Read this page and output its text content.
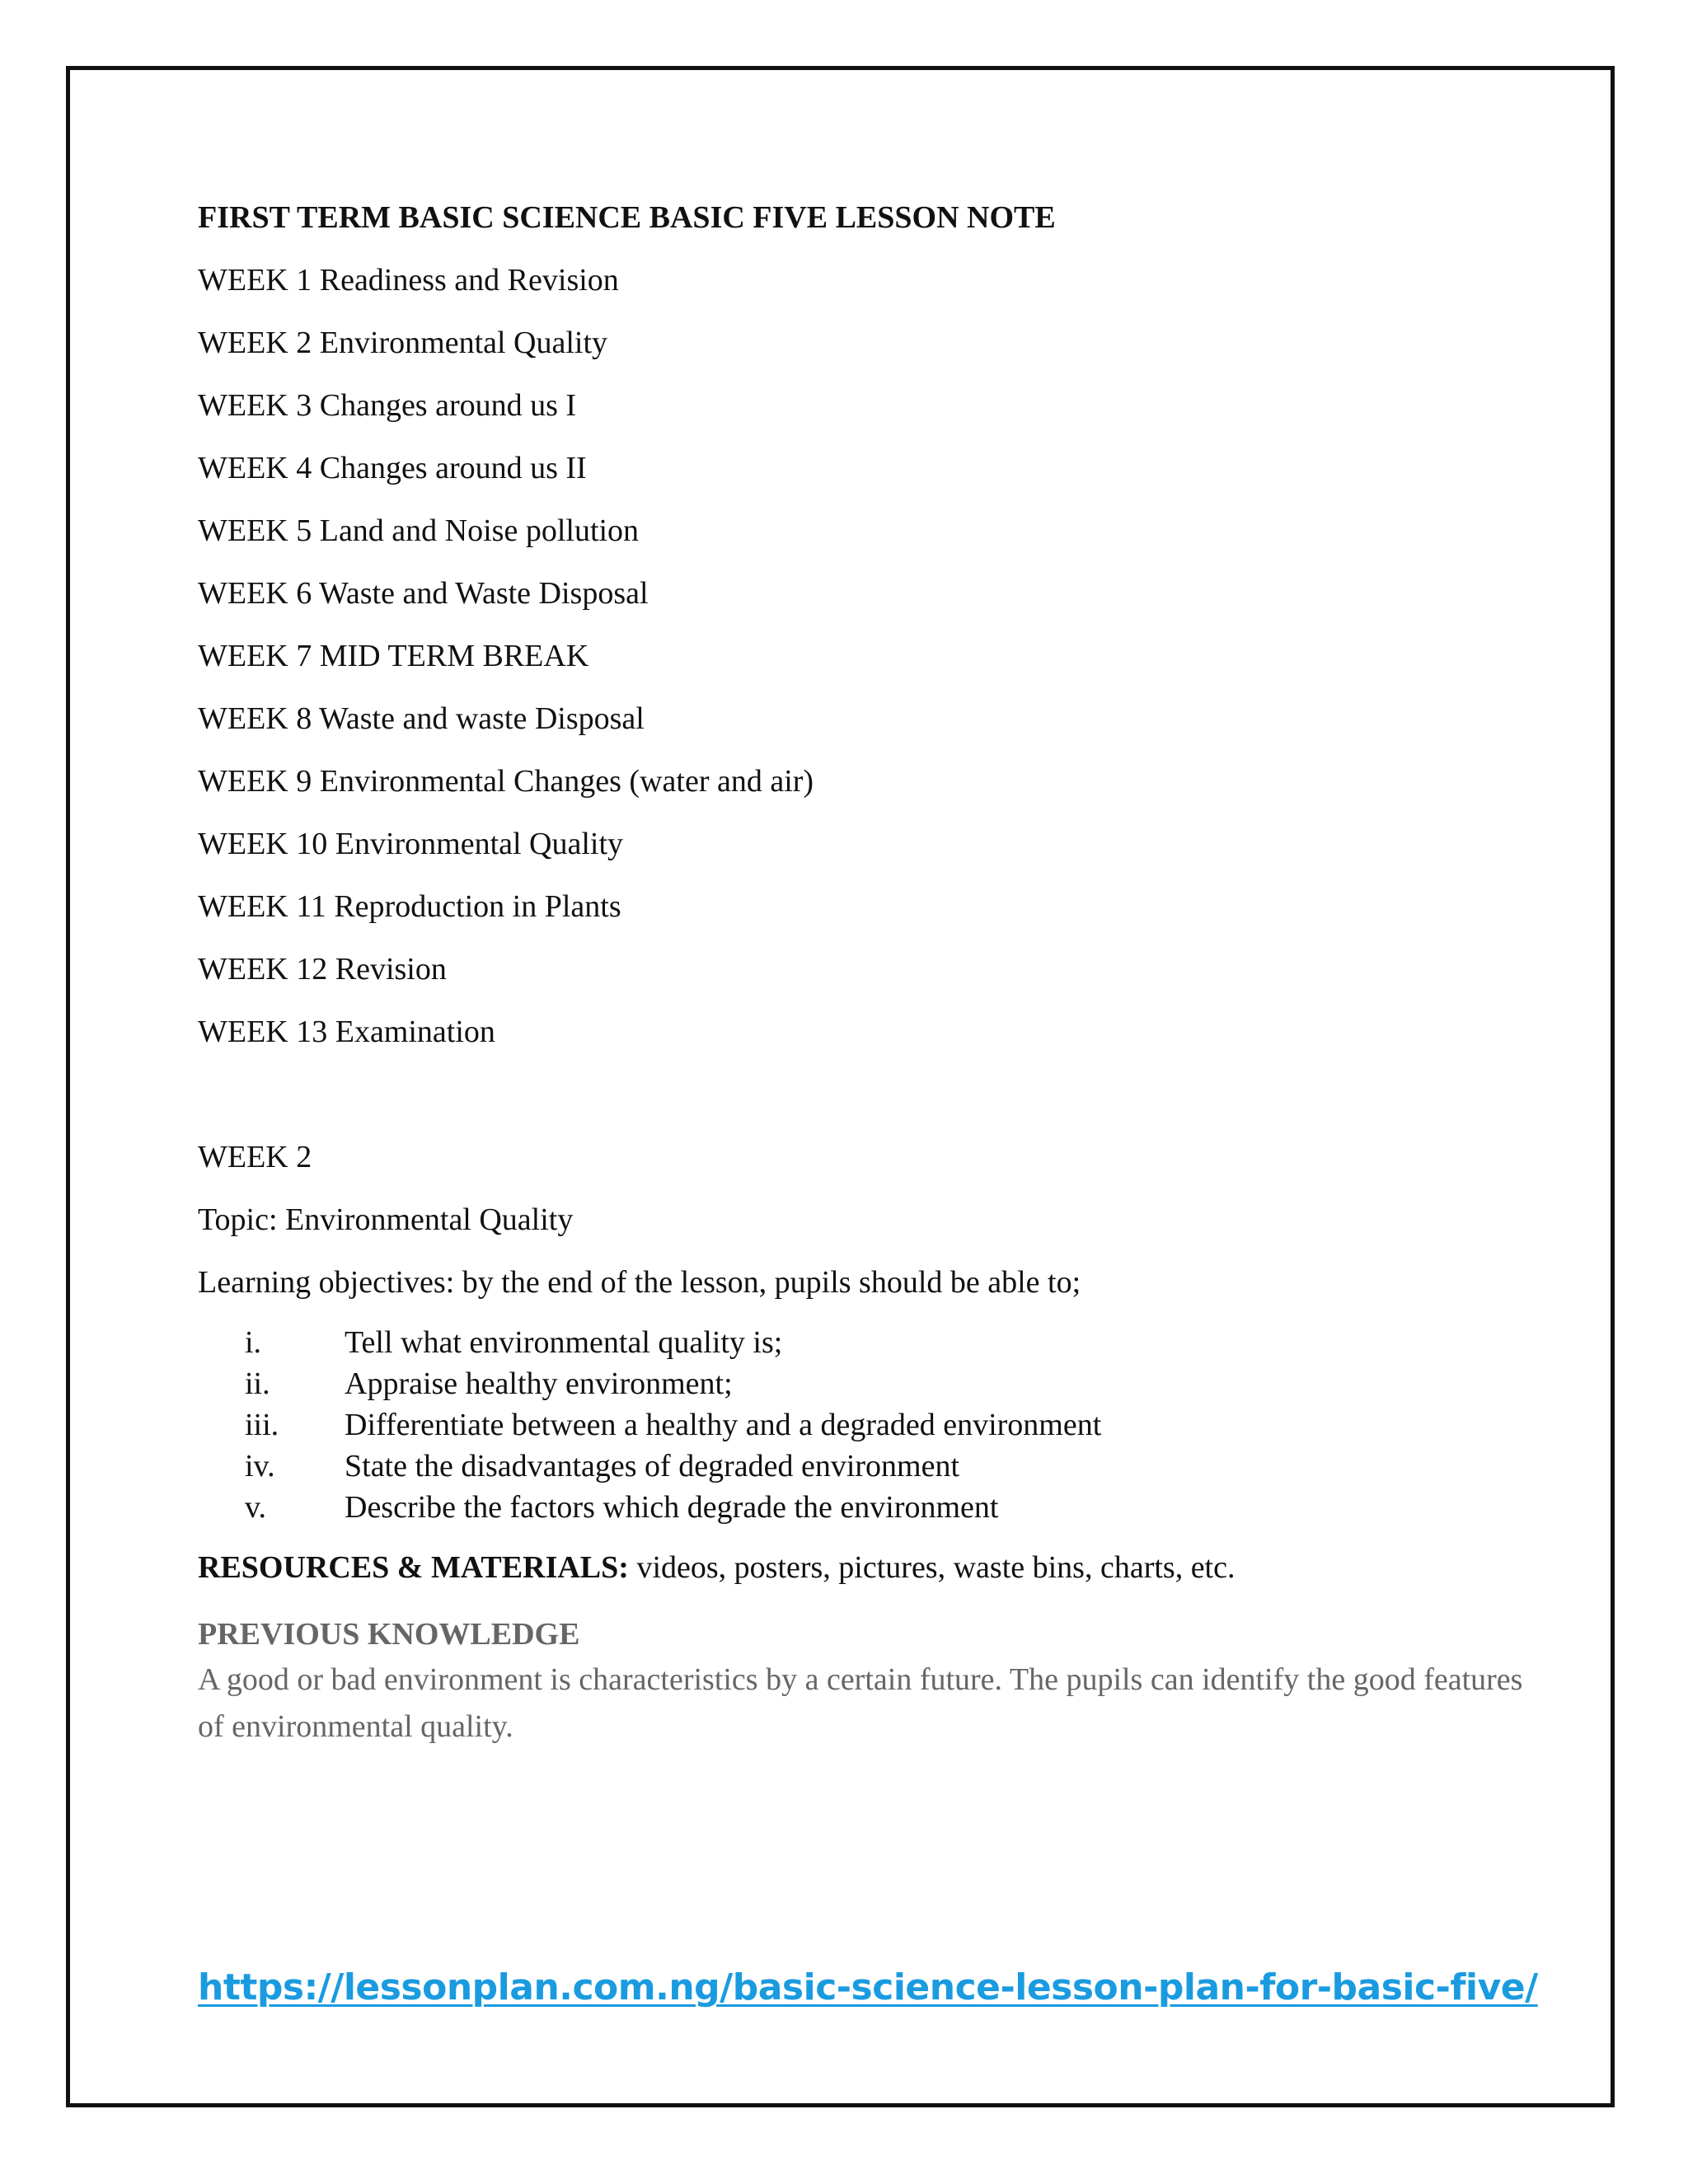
FIRST TERM BASIC SCIENCE BASIC FIVE LESSON NOTE
WEEK 1 Readiness and Revision
WEEK 2 Environmental Quality
WEEK 3 Changes around us I
WEEK 4 Changes around us II
WEEK 5 Land and Noise pollution
WEEK 6 Waste and Waste Disposal
WEEK 7 MID TERM BREAK
WEEK 8 Waste and waste Disposal
WEEK 9 Environmental Changes (water and air)
WEEK 10 Environmental Quality
WEEK 11 Reproduction in Plants
WEEK 12 Revision
WEEK 13 Examination
WEEK 2
Topic: Environmental Quality
Learning objectives: by the end of the lesson, pupils should be able to;
i.	Tell what environmental quality is;
ii.	Appraise healthy environment;
iii.	Differentiate between a healthy and a degraded environment
iv.	State the disadvantages of degraded environment
v.	Describe the factors which degrade the environment
RESOURCES & MATERIALS: videos, posters, pictures, waste bins, charts, etc.
PREVIOUS KNOWLEDGE
A good or bad environment is characteristics by a certain future. The pupils can identify the good features of environmental quality.
https://lessonplan.com.ng/basic-science-lesson-plan-for-basic-five/
